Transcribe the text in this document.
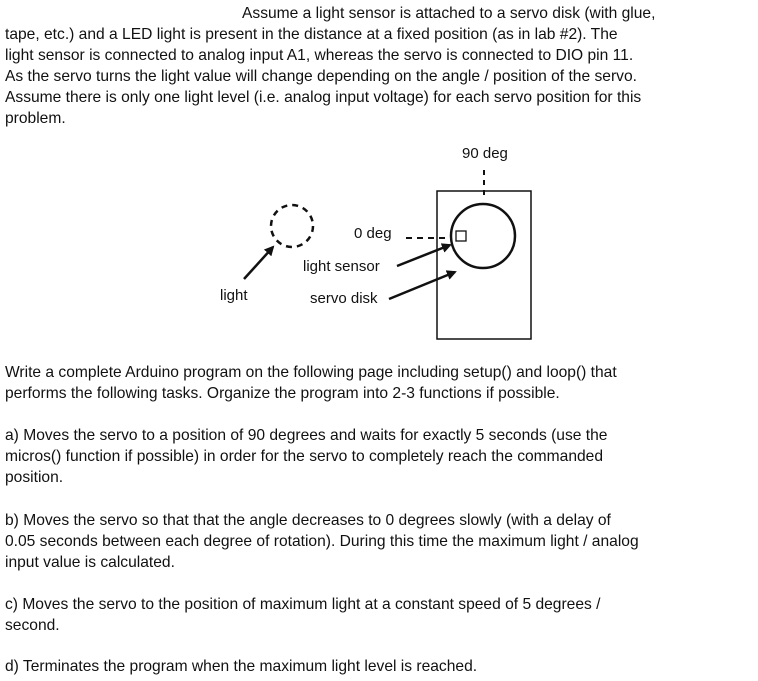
Assume a light sensor is attached to a servo disk (with glue,
tape, etc.) and a LED light is present in the distance at a fixed position (as in lab #2). The
light sensor is connected to analog input A1, whereas the servo is connected to DIO pin 11.
As the servo turns the light value will change depending on the angle / position of the servo.
Assume there is only one light level (i.e. analog input voltage) for each servo position for this
problem.

90 deg
0 deg
light sensor
servo disk
light

Write a complete Arduino program on the following page including setup() and loop() that
performs the following tasks. Organize the program into 2-3 functions if possible.

a) Moves the servo to a position of 90 degrees and waits for exactly 5 seconds (use the
micros() function if possible) in order for the servo to completely reach the commanded
position.

b) Moves the servo so that that the angle decreases to 0 degrees slowly (with a delay of
0.05 seconds between each degree of rotation). During this time the maximum light / analog
input value is calculated.

c) Moves the servo to the position of maximum light at a constant speed of 5 degrees /
second.

d) Terminates the program when the maximum light level is reached.
